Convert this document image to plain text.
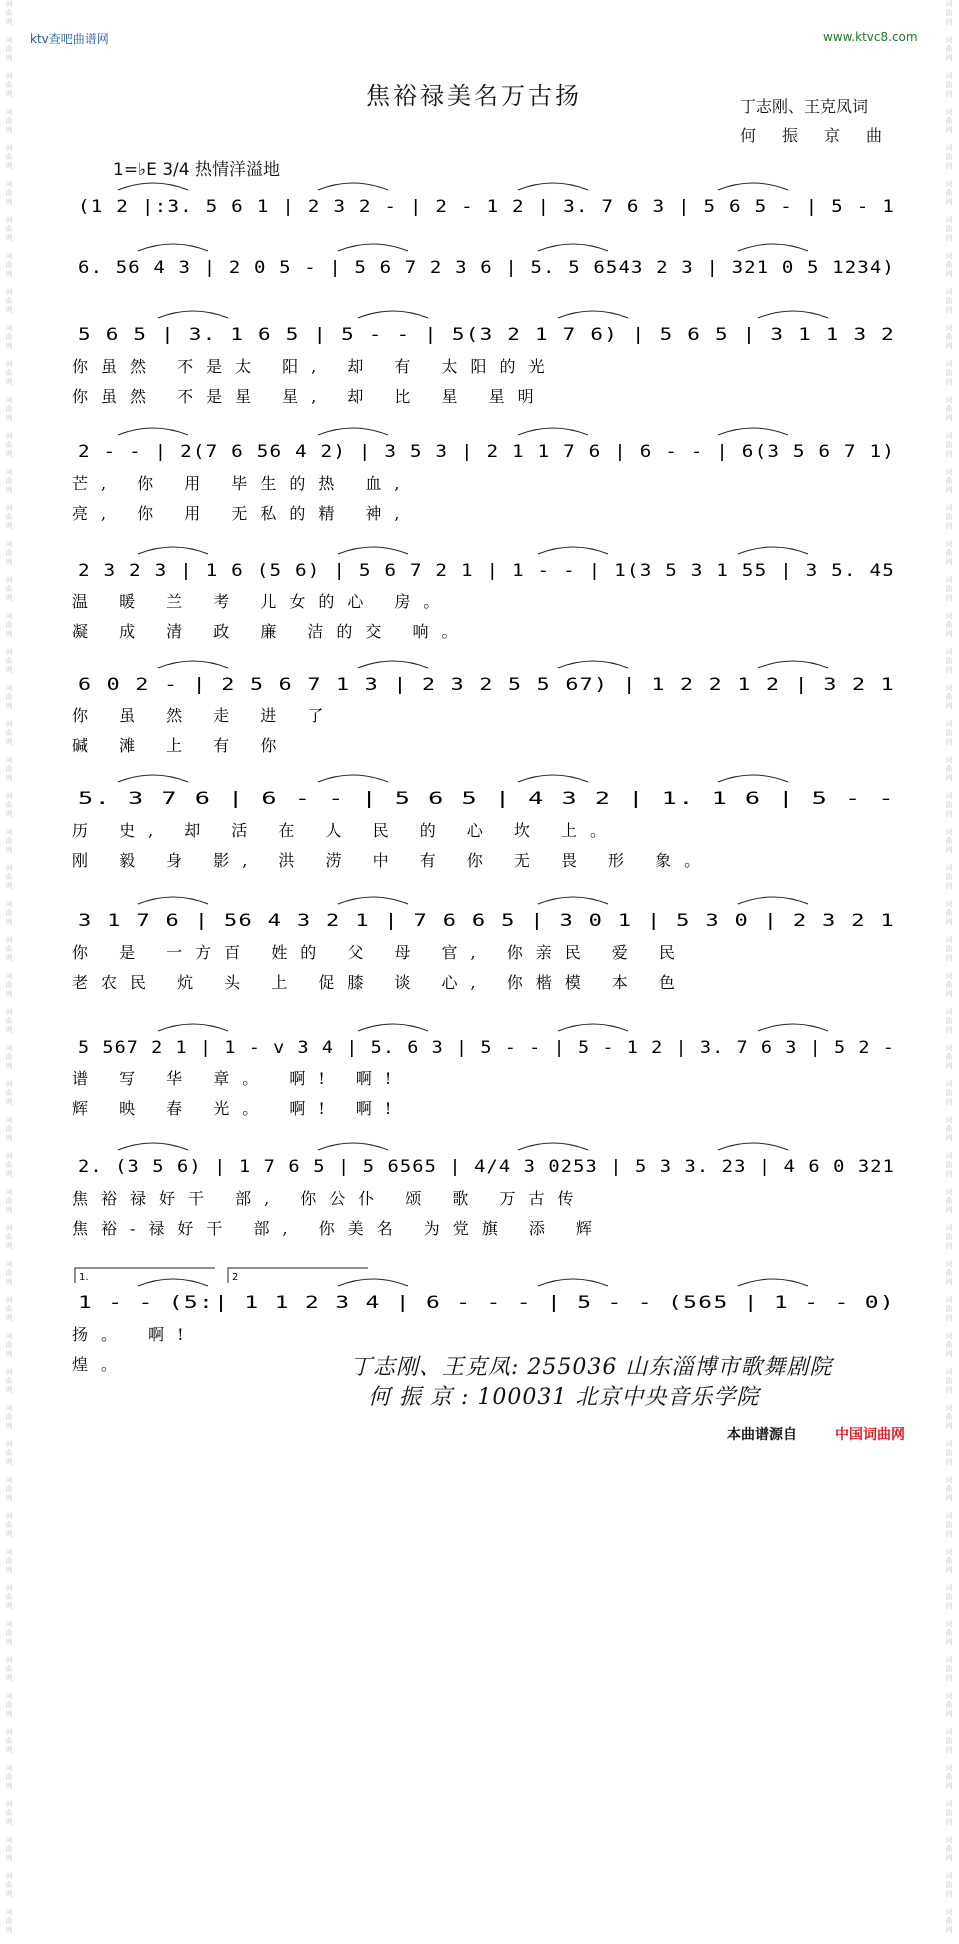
词
曲
网

词
曲
网

词
曲
网

词
曲
网

词
曲
网

词
曲
网

词
曲
网

词
曲
网

词
曲
网

词
曲
网

词
曲
网

词
曲
网

词
曲
网

词
曲
网

词
曲
网

词
曲
网

词
曲
网

词
曲
网

词
曲
网

词
曲
网

词
曲
网

词
曲
网

词
曲
网

词
曲
网

词
曲
网

词
曲
网

词
曲
网

词
曲
网

词
曲
网

词
曲
网

词
曲
网

词
曲
网

词
曲
网

词
曲
网

词
曲
网

词
曲
网

词
曲
网

词
曲
网

词
曲
网

词
曲
网

词
曲
网

词
曲
网

词
曲
网

词
曲
网

词
曲
网

词
曲
网

词
曲
网

词
曲
网

词
曲
网

词
曲
网

词
曲
网

词
曲
网

词
曲
网

词
曲
网

词
曲
网

词
曲
网

词
曲
网

词
曲
网

词
曲
网

词
曲
网

词
曲
网

词
曲
网

词
曲
网

词
曲
网

词
曲
网

词
曲
网

词
曲
网

词
曲
网

词
曲
网

词
曲
网

词
曲
网

词
曲
网

词
曲
网

词
曲
网

词
曲
网

词
曲
网

词
曲
网

词
曲
网

词
曲
网

词
曲
网

词
曲
网

词
曲
网

词
曲
网

词
曲
网

词
曲
网

词
曲
网

词
曲
网

词
曲
网

词
曲
网

词
曲
网

词
曲
网

词
曲
网

词
曲
网

词
曲
网

词
曲
网

词
曲
网

词
曲
网

词
曲
网

词
曲
网

词
曲
网

词
曲
网

词
曲
网

词
曲
网

词
曲
网

词
曲
网

词
曲
网

词
曲
网

词
曲
网

ktv查吧曲谱网	www.ktvc8.com
焦裕禄美名万古扬	丁志刚、王克凤词
何振京曲
1=♭E 3/4 热情洋溢地
(1 2 |:3. 5 6 1 | 2 3 2 - | 2 - 1 2 | 3. 7 6 3 | 5 6 5 - | 5 - 1
6. 56 4 3 | 2 0 5 - | 5 6 7 2 3 6 | 5. 5 6543 2 3 | 321 0 5 1234)
5 6 5 | 3. 1 6 5 | 5 - - | 5(3 2 1 7 6) | 5 6 5 | 3 1 1 3 2
你虽然 不是太 阳, 却 有 太阳的光
你虽然 不是星 星, 却 比 星 星明
2 - - | 2(7 6 56 4 2) | 3 5 3 | 2 1 1 7 6 | 6 - - | 6(3 5 6 7 1)
芒, 你 用 毕生的热 血,
亮, 你 用 无私的精 神,
2 3 2 3 | 1 6 (5 6) | 5 6 7 2 1 | 1 - - | 1(3 5 3 1 55 | 3 5. 45
温 暖 兰 考 儿女的心 房。
凝 成 清 政 廉 洁的交 响。
6 0 2 - | 2 5 6 7 1 3 | 2 3 2 5 5 67) | 1 2 2 1 2 | 3 2 1
你 虽 然 走 进 了
碱 滩 上 有 你
5. 3 7 6 | 6 - - | 5 6 5 | 4 3 2 | 1. 1 6 | 5 - -
历 史, 却 活 在 人 民 的 心 坎 上。
刚 毅 身 影, 洪 涝 中 有 你 无 畏 形 象。
3 1 7 6 | 56 4 3 2 1 | 7 6 6 5 | 3 0 1 | 5 3 0 | 2 3 2 1
你 是 一方百 姓的 父 母 官, 你亲民 爱 民
老农民 炕 头 上 促膝 谈 心, 你楷模 本 色
5 567 2 1 | 1 - v 3 4 | 5. 6 3 | 5 - - | 5 - 1 2 | 3. 7 6 3 | 5 2 -
谱 写 华 章。 啊! 啊!
辉 映 春 光。 啊! 啊!
2. (3 5 6) | 1 7 6 5 | 5 6565 | 4/4 3 0253 | 5 3 3. 23 | 4 6 0 321
焦裕禄好干 部, 你公仆 颂 歌 万古传
焦裕-禄好干 部, 你美名 为党旗 添 辉
1 - - (5:| 1 1 2 3 4 | 6 - - - | 5 - - (565 | 1 - - 0)
扬。 啊!
煌。
1.	2
丁志刚、王克凤: 255036 山东淄博市歌舞剧院
何 振 京 : 100031 北京中央音乐学院
本曲谱源自	中国词曲网
